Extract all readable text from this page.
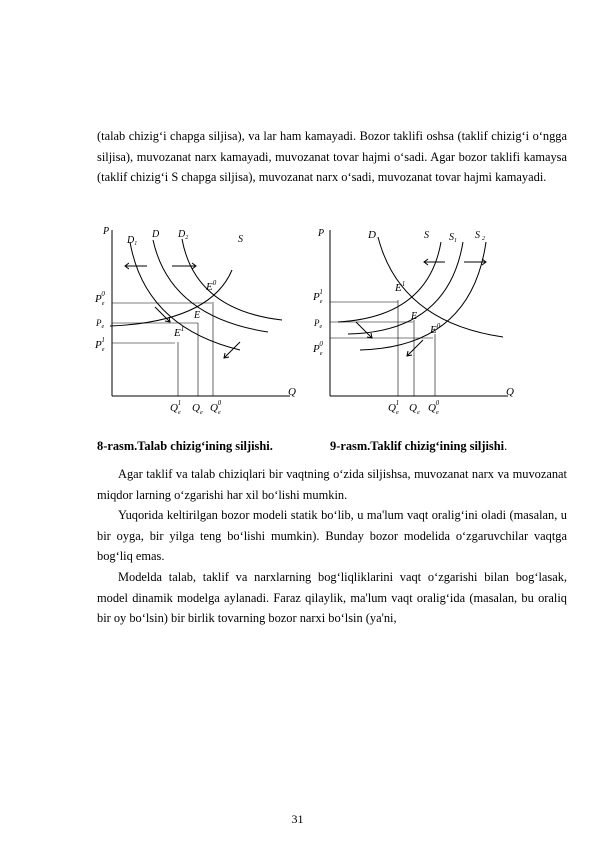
(talab chizig‘i chapga siljisa), va lar ham kamayadi. Bozor taklifi oshsa (taklif chizig‘i o‘ngga siljisa), muvozanat narx kamayadi, muvozanat tovar hajmi o‘sadi. Agar bozor taklifi kamaysa (taklif chizig‘i S chapga siljisa), muvozanat narx o‘sadi, muvozanat tovar hajmi kamayadi.

P
Q
$D_1$
D $D_2$	S
$E^0$
E
$E^1$
$P_e0$
$P_e$
$P_e1$
$Q_e1$ $Q_e$ $Q_e0$
P
Q
D	S $S_1$ S $_2$
$E^1$
E
$E^0$
$P_e1$
$P_e$
$P_e0$
$Q_e1$ $Q_e$ $Q_e0$
8-rasm.Talab chizig‘ining siljishi.	9-rasm.Taklif chizig‘ining siljishi.

Agar taklif va talab chiziqlari bir vaqtning o‘zida siljishsa, muvozanat narx va muvozanat miqdor larning o‘zgarishi har xil bo‘lishi mumkin.

Yuqorida keltirilgan bozor modeli statik bo‘lib, u ma'lum vaqt oralig‘ini oladi (masalan, u bir oyga, bir yilga teng bo‘lishi mumkin). Bunday bozor modelida o‘zgaruvchilar vaqtga bog‘liq emas.

Modelda talab, taklif va narxlarning bog‘liqliklarini vaqt o‘zgarishi bilan bog‘lasak, model dinamik modelga aylanadi. Faraz qilaylik, ma'lum vaqt oralig‘ida (masalan, bu oraliq bir oy bo‘lsin) bir birlik tovarning bozor narxi bo‘lsin (ya'ni,

31
